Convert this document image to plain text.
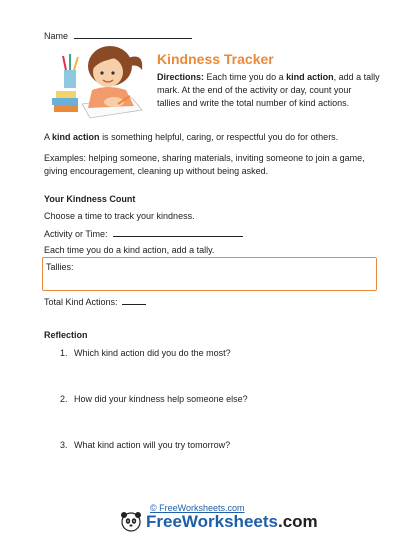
Name
Kindness Tracker
Directions: Each time you do a kind action, add a tally
mark. At the end of the activity or day, count your
tallies and write the total number of kind actions.
A kind action is something helpful, caring, or respectful you do for others.
Examples: helping someone, sharing materials, inviting someone to join a game,
giving encouragement, cleaning up without being asked.
Your Kindness Count
Choose a time to track your kindness.
Activity or Time:
Each time you do a kind action, add a tally.
Tallies:
Total Kind Actions:
Reflection
1. Which kind action did you do the most?
2. How did your kindness help someone else?
3. What kind action will you try tomorrow?
© FreeWorksheets.com
FreeWorksheets.com
